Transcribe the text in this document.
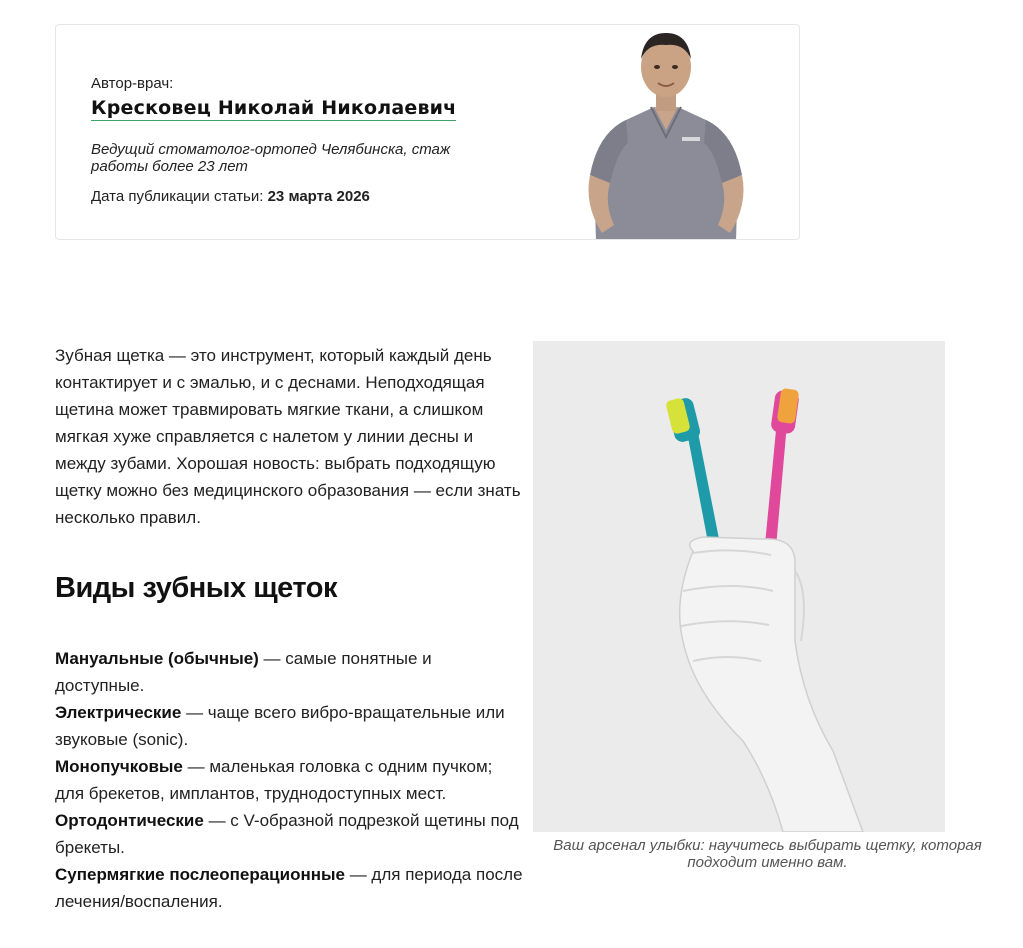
Автор-врач:
Кресковец Николай Николаевич
Ведущий стоматолог-ортопед Челябинска, стаж работы более 23 лет
Дата публикации статьи: 23 марта 2026
Зубная щетка — это инструмент, который каждый день контактирует и с эмалью, и с деснами. Неподходящая щетина может травмировать мягкие ткани, а слишком мягкая хуже справляется с налетом у линии десны и между зубами. Хорошая новость: выбрать подходящую щетку можно без медицинского образования — если знать несколько правил.
Виды зубных щеток
Мануальные (обычные) — самые понятные и доступные.
Электрические — чаще всего вибро-вращательные или звуковые (sonic).
Монопучковые — маленькая головка с одним пучком; для брекетов, имплантов, труднодоступных мест.
Ортодонтические — с V-образной подрезкой щетины под брекеты.
Супермягкие послеоперационные — для периода после лечения/воспаления.
Ваш арсенал улыбки: научитесь выбирать щетку, которая подходит именно вам.
